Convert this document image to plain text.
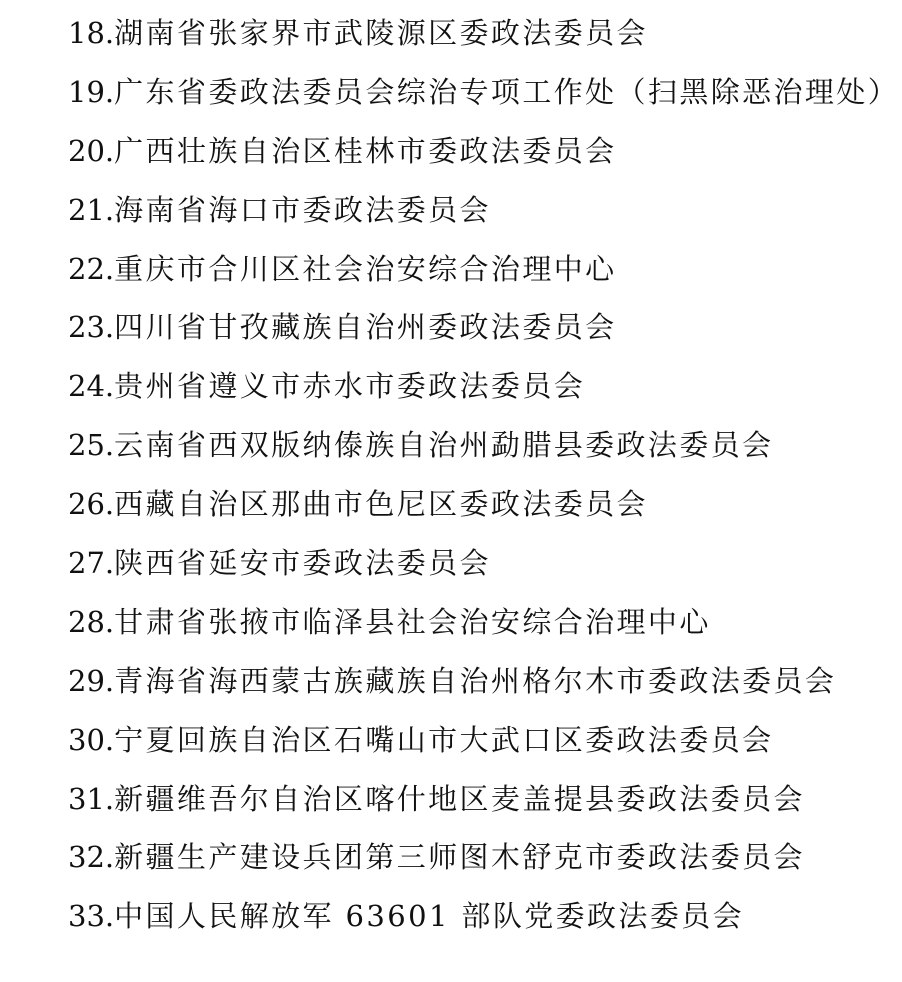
18.湖南省张家界市武陵源区委政法委员会
19.广东省委政法委员会综治专项工作处（扫黑除恶治理处）
20.广西壮族自治区桂林市委政法委员会
21.海南省海口市委政法委员会
22.重庆市合川区社会治安综合治理中心
23.四川省甘孜藏族自治州委政法委员会
24.贵州省遵义市赤水市委政法委员会
25.云南省西双版纳傣族自治州勐腊县委政法委员会
26.西藏自治区那曲市色尼区委政法委员会
27.陕西省延安市委政法委员会
28.甘肃省张掖市临泽县社会治安综合治理中心
29.青海省海西蒙古族藏族自治州格尔木市委政法委员会
30.宁夏回族自治区石嘴山市大武口区委政法委员会
31.新疆维吾尔自治区喀什地区麦盖提县委政法委员会
32.新疆生产建设兵团第三师图木舒克市委政法委员会
33.中国人民解放军 63601 部队党委政法委员会
